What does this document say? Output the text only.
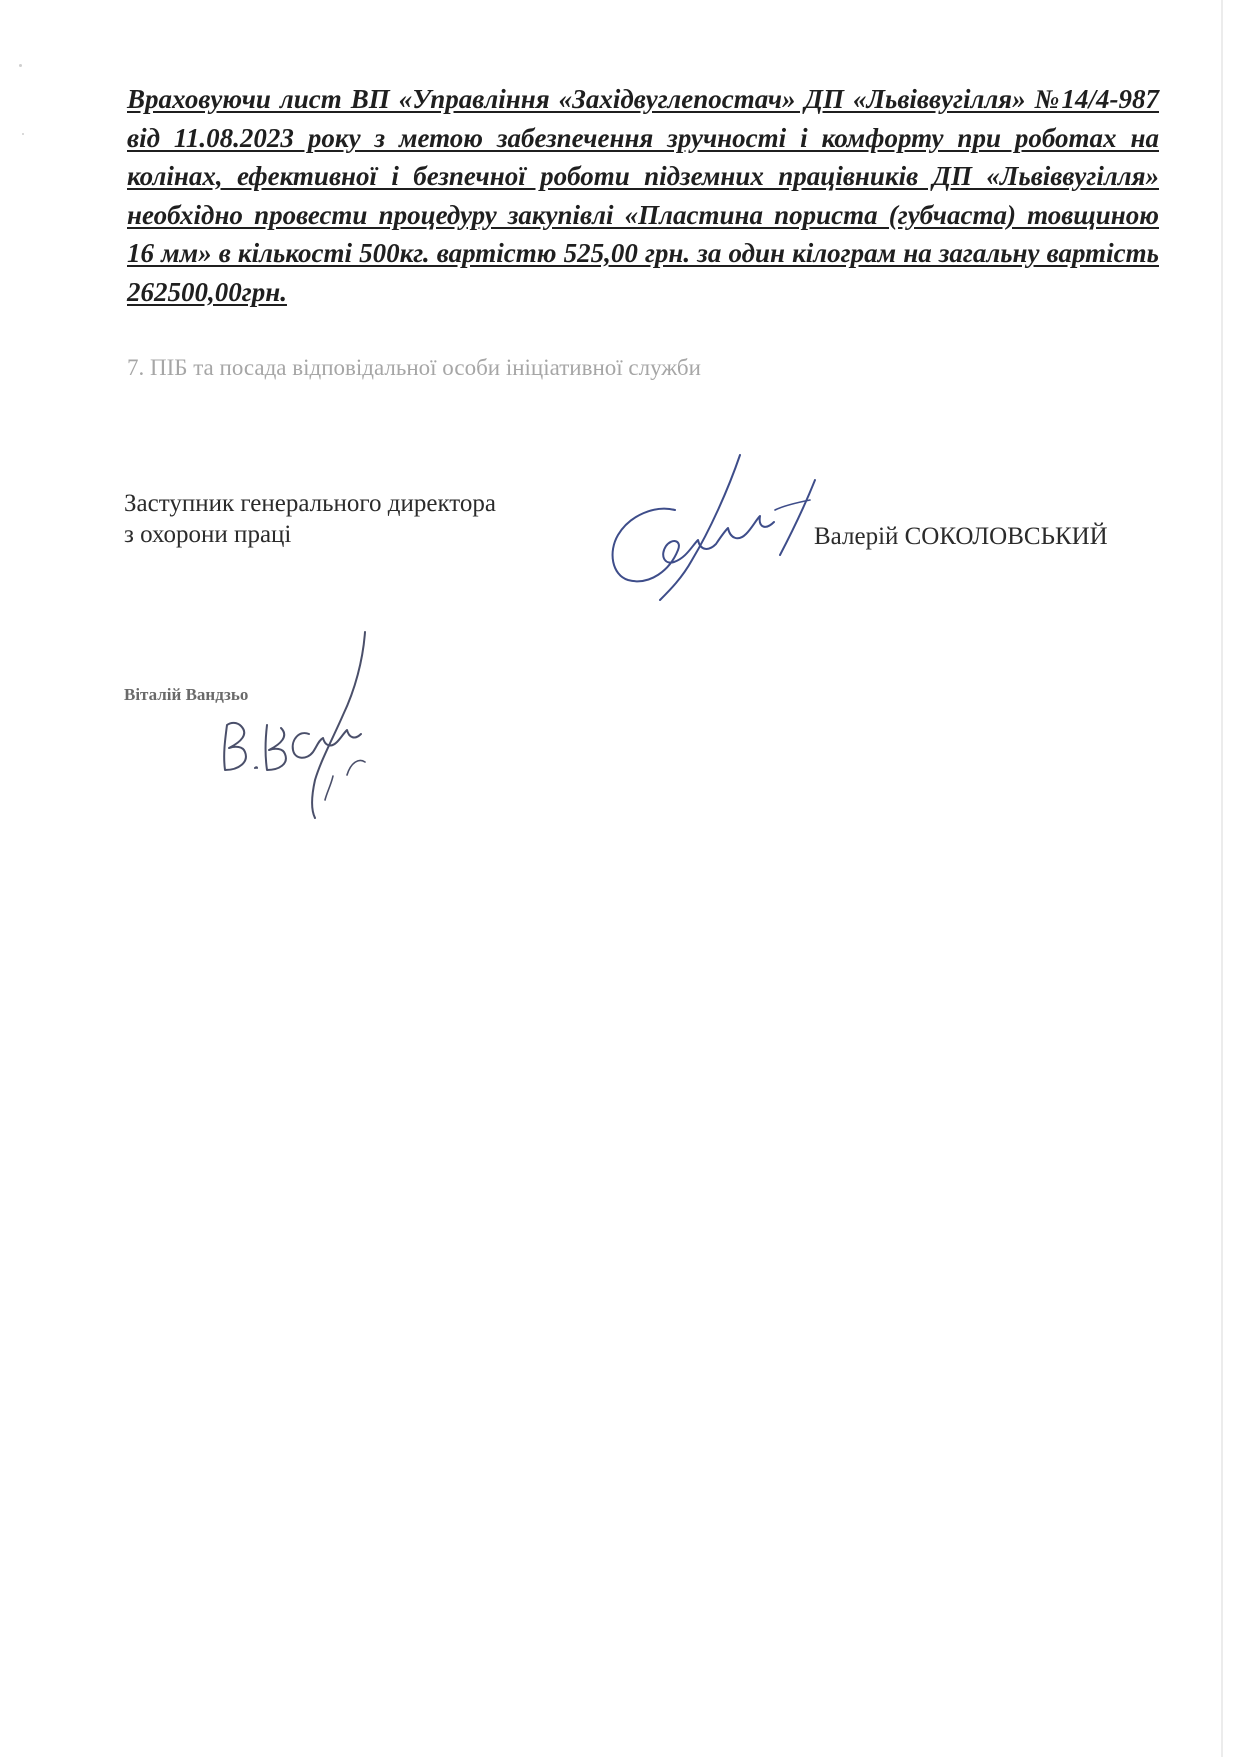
Враховуючи лист ВП «Управління «Західвуглепостач» ДП «Львіввугілля» №14/4-987 від 11.08.2023 року з метою забезпечення зручності і комфорту при роботах на колінах, ефективної і безпечної роботи підземних працівників ДП «Львіввугілля» необхідно провести процедуру закупівлі «Пластина пориста (губчаста) товщиною 16 мм» в кількості 500кг. вартістю 525,00 грн. за один кілограм на загальну вартість 262500,00грн.

7. ПІБ та посада відповідальної особи ініціативної служби
Заступник генерального директора
з охорони праці	Валерій СОКОЛОВСЬКИЙ
Віталій Вандзьо
